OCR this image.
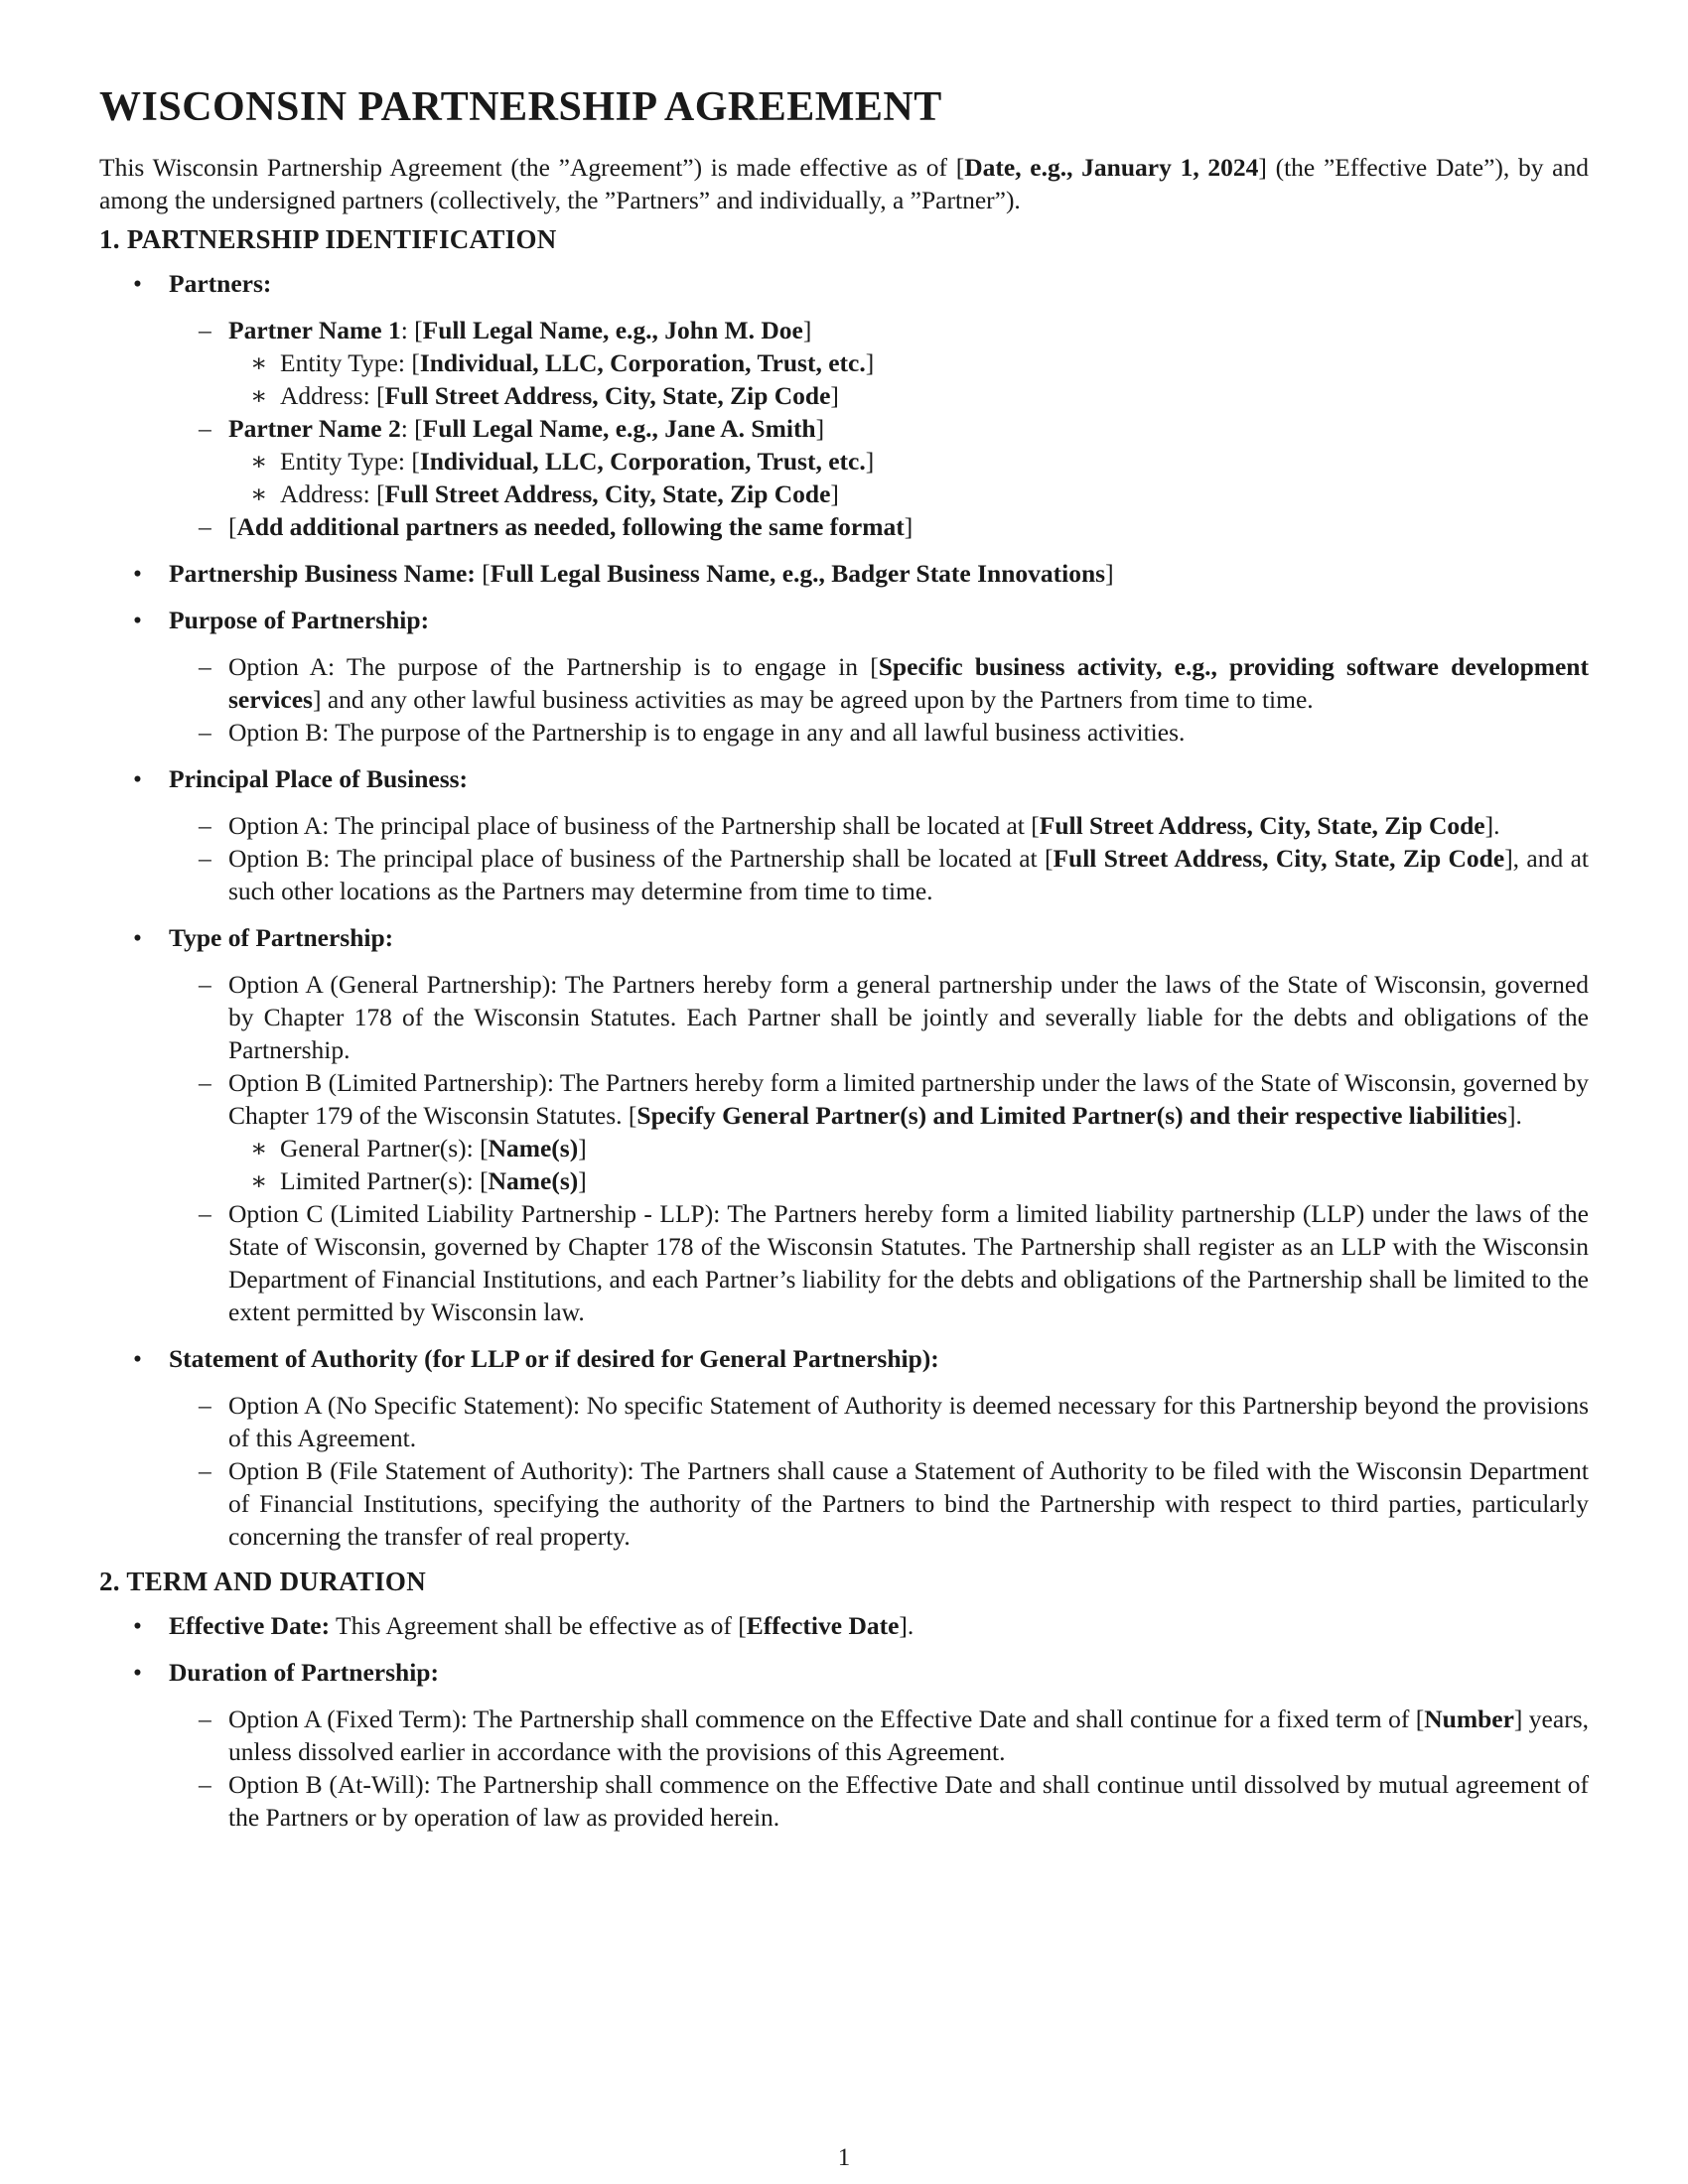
WISCONSIN PARTNERSHIP AGREEMENT

This Wisconsin Partnership Agreement (the ”Agreement”) is made effective as of [Date, e.g., January 1, 2024] (the ”Effective Date”), by and among the undersigned partners (collectively, the ”Partners” and individually, a ”Partner”).

1. PARTNERSHIP IDENTIFICATION
• Partners:
– Partner Name 1: [Full Legal Name, e.g., John M. Doe]
∗ Entity Type: [Individual, LLC, Corporation, Trust, etc.]
∗ Address: [Full Street Address, City, State, Zip Code]
– Partner Name 2: [Full Legal Name, e.g., Jane A. Smith]
∗ Entity Type: [Individual, LLC, Corporation, Trust, etc.]
∗ Address: [Full Street Address, City, State, Zip Code]
– [Add additional partners as needed, following the same format]
• Partnership Business Name: [Full Legal Business Name, e.g., Badger State Innovations]
• Purpose of Partnership:
– Option A: The purpose of the Partnership is to engage in [Specific business activity, e.g., providing software development services] and any other lawful business activities as may be agreed upon by the Partners from time to time.
– Option B: The purpose of the Partnership is to engage in any and all lawful business activities.
• Principal Place of Business:
– Option A: The principal place of business of the Partnership shall be located at [Full Street Address, City, State, Zip Code].
– Option B: The principal place of business of the Partnership shall be located at [Full Street Address, City, State, Zip Code], and at such other locations as the Partners may determine from time to time.
• Type of Partnership:
– Option A (General Partnership): The Partners hereby form a general partnership under the laws of the State of Wisconsin, governed by Chapter 178 of the Wisconsin Statutes. Each Partner shall be jointly and severally liable for the debts and obligations of the Partnership.
– Option B (Limited Partnership): The Partners hereby form a limited partnership under the laws of the State of Wisconsin, governed by Chapter 179 of the Wisconsin Statutes. [Specify General Partner(s) and Limited Partner(s) and their respective liabilities].
∗ General Partner(s): [Name(s)]
∗ Limited Partner(s): [Name(s)]
– Option C (Limited Liability Partnership - LLP): The Partners hereby form a limited liability partnership (LLP) under the laws of the State of Wisconsin, governed by Chapter 178 of the Wisconsin Statutes. The Partnership shall register as an LLP with the Wisconsin Department of Financial Institutions, and each Partner’s liability for the debts and obligations of the Partnership shall be limited to the extent permitted by Wisconsin law.
• Statement of Authority (for LLP or if desired for General Partnership):
– Option A (No Specific Statement): No specific Statement of Authority is deemed necessary for this Partnership beyond the provisions of this Agreement.
– Option B (File Statement of Authority): The Partners shall cause a Statement of Authority to be filed with the Wisconsin Department of Financial Institutions, specifying the authority of the Partners to bind the Partnership with respect to third parties, particularly concerning the transfer of real property.
2. TERM AND DURATION
• Effective Date: This Agreement shall be effective as of [Effective Date].
• Duration of Partnership:
– Option A (Fixed Term): The Partnership shall commence on the Effective Date and shall continue for a fixed term of [Number] years, unless dissolved earlier in accordance with the provisions of this Agreement.
– Option B (At-Will): The Partnership shall commence on the Effective Date and shall continue until dissolved by mutual agreement of the Partners or by operation of law as provided herein.
1
